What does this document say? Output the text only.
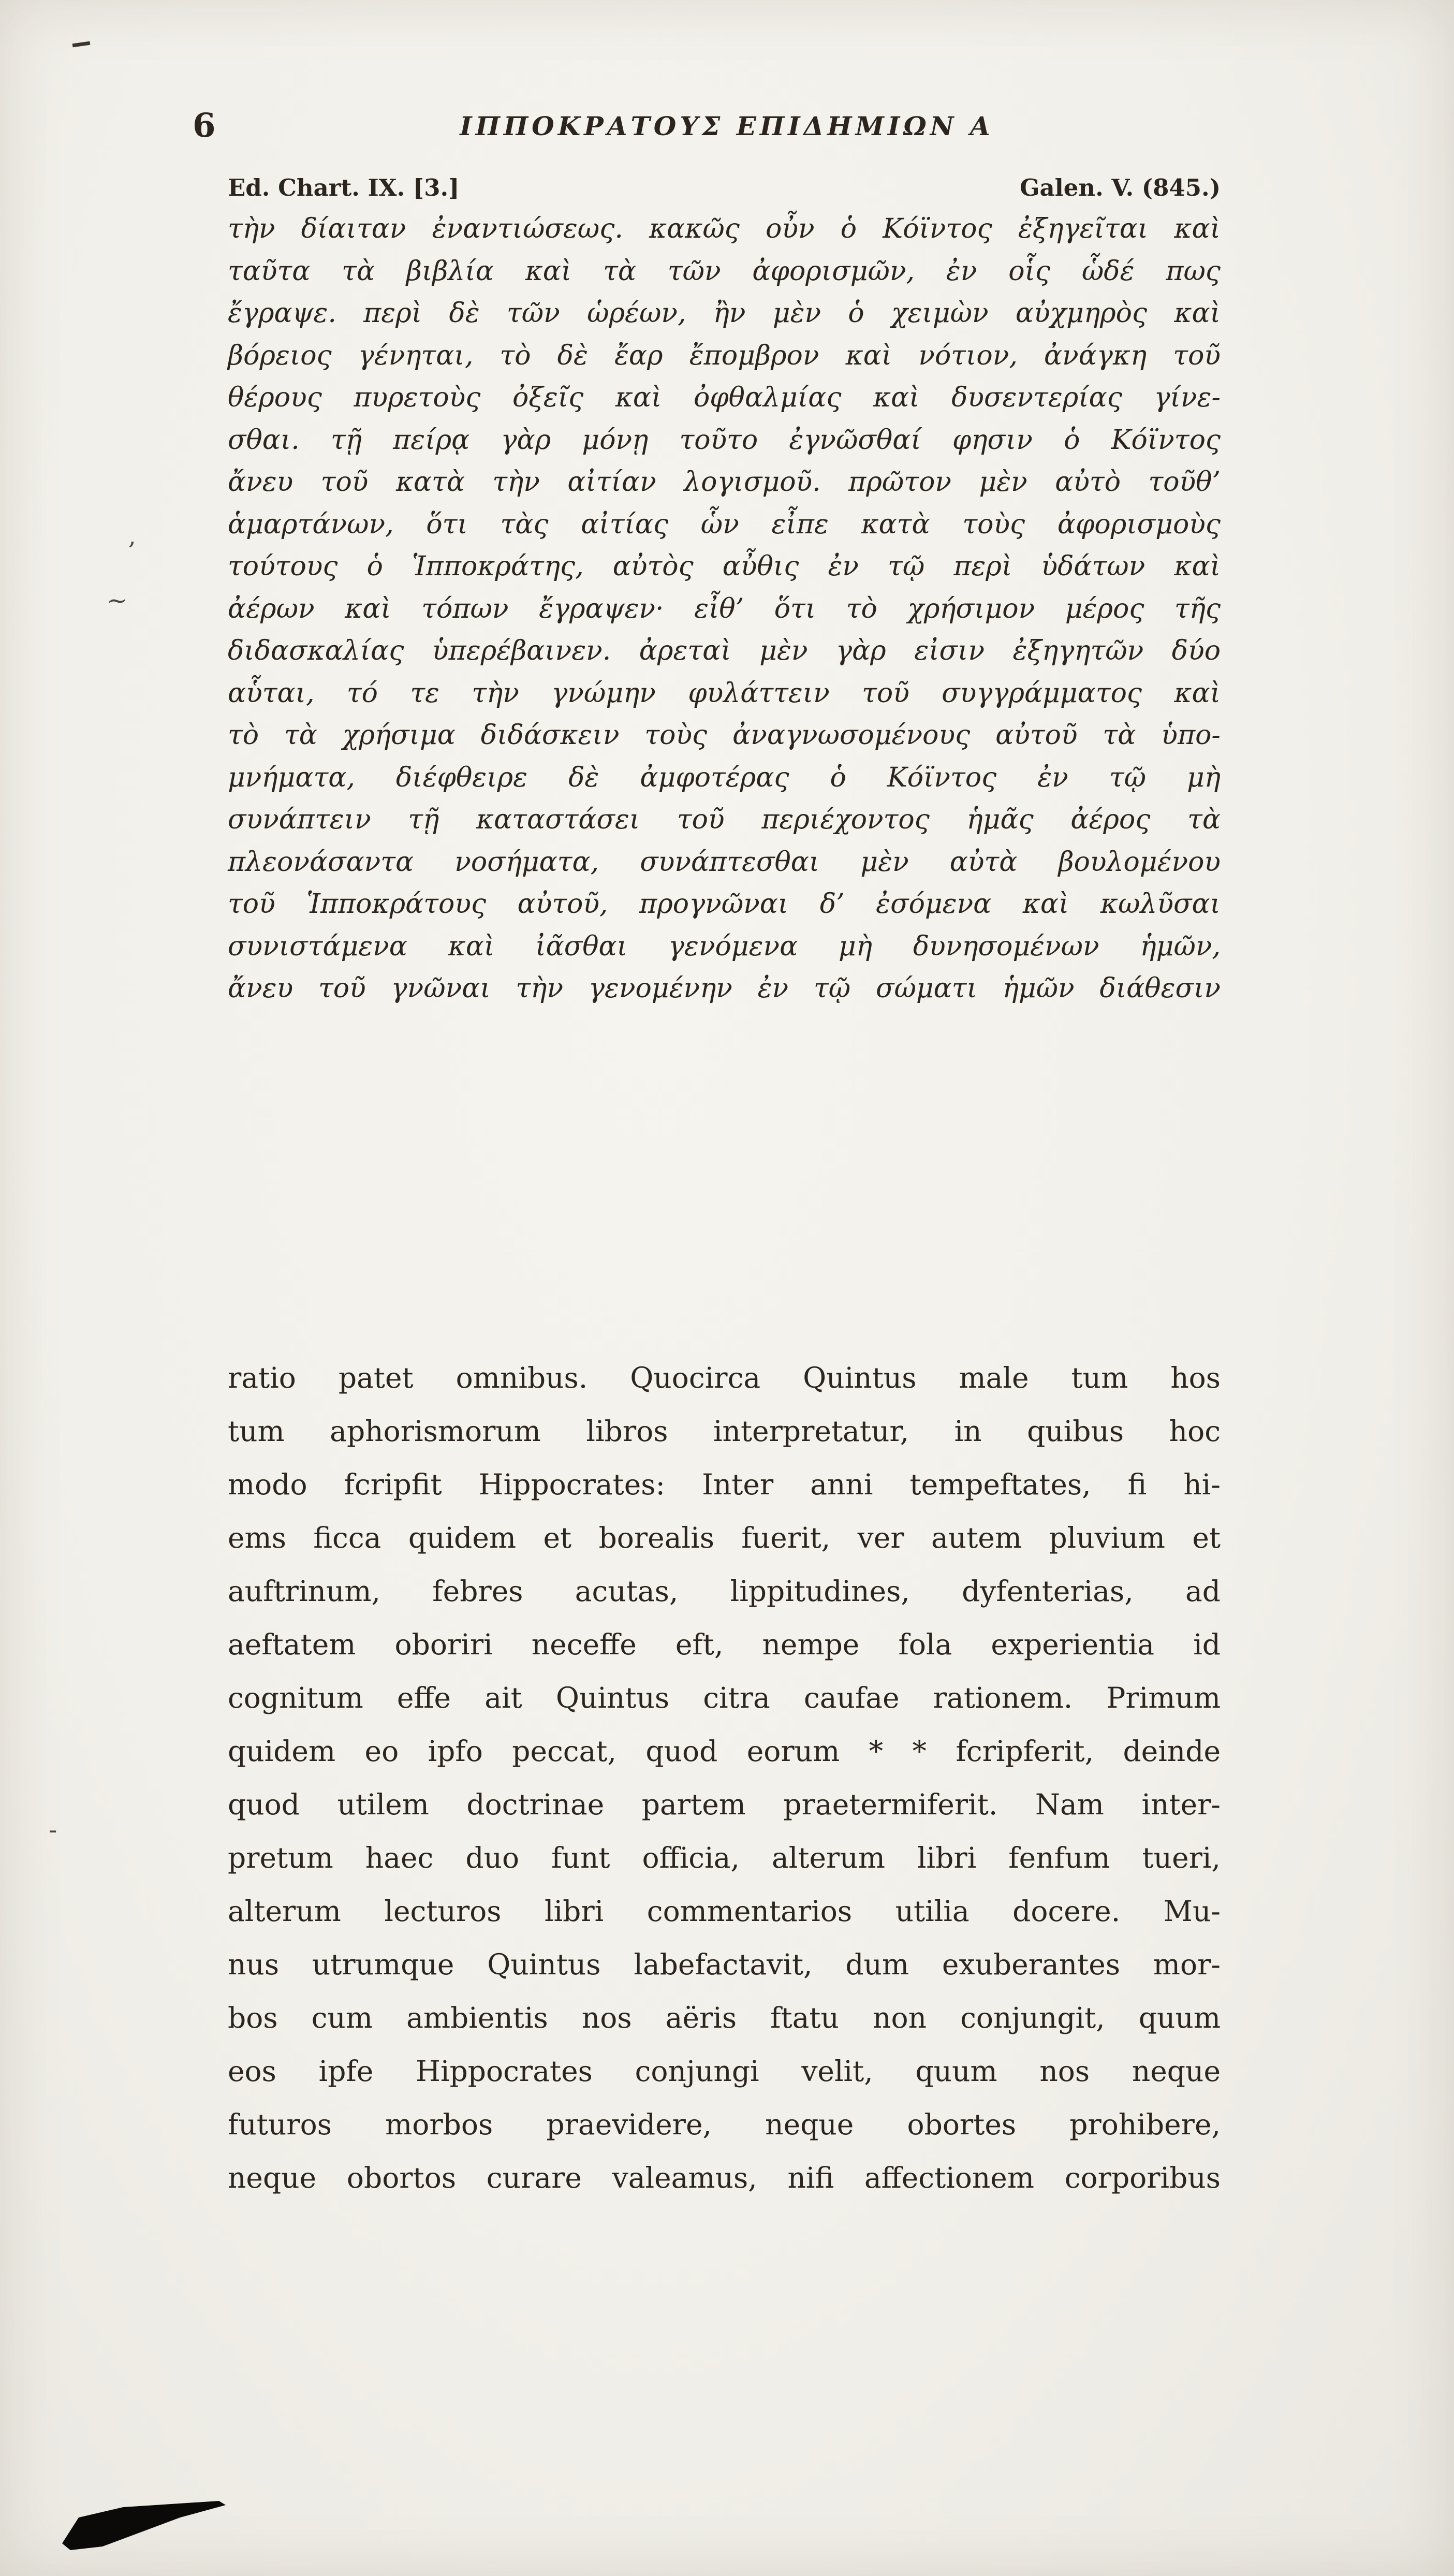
,
~
-
6	ΙΠΠΟΚΡΑΤΟΥΣ ΕΠΙΔΗΜΙΩΝ Α
Ed. Chart. IX. [3.]	Galen. V. (845.)
τὴν δίαιταν ἐναντιώσεως. κακῶς οὖν ὁ Κόϊντος ἐξηγεῖται καὶ
ταῦτα τὰ βιβλία καὶ τὰ τῶν ἀφορισμῶν, ἐν οἷς ὧδέ πως
ἔγραψε. περὶ δὲ τῶν ὡρέων, ἢν μὲν ὁ χειμὼν αὐχμηρὸς καὶ
βόρειος γένηται, τὸ δὲ ἔαρ ἔπομβρον καὶ νότιον, ἀνάγκη τοῦ
θέρους πυρετοὺς ὀξεῖς καὶ ὀφθαλμίας καὶ δυσεντερίας γίνε-
σθαι. τῇ πείρᾳ γὰρ μόνῃ τοῦτο ἐγνῶσθαί φησιν ὁ Κόϊντος
ἄνευ τοῦ κατὰ τὴν αἰτίαν λογισμοῦ. πρῶτον μὲν αὐτὸ τοῦθ’
ἁμαρτάνων, ὅτι τὰς αἰτίας ὧν εἶπε κατὰ τοὺς ἀφορισμοὺς
τούτους ὁ Ἱπποκράτης, αὐτὸς αὖθις ἐν τῷ περὶ ὑδάτων καὶ
ἀέρων καὶ τόπων ἔγραψεν· εἶθ’ ὅτι τὸ χρήσιμον μέρος τῆς
διδασκαλίας ὑπερέβαινεν. ἀρεταὶ μὲν γὰρ εἰσιν ἐξηγητῶν δύο
αὗται, τό τε τὴν γνώμην φυλάττειν τοῦ συγγράμματος καὶ
τὸ τὰ χρήσιμα διδάσκειν τοὺς ἀναγνωσομένους αὐτοῦ τὰ ὑπο-
μνήματα, διέφθειρε δὲ ἀμφοτέρας ὁ Κόϊντος ἐν τῷ μὴ
συνάπτειν τῇ καταστάσει τοῦ περιέχοντος ἡμᾶς ἀέρος τὰ
πλεονάσαντα νοσήματα, συνάπτεσθαι μὲν αὐτὰ βουλομένου
τοῦ Ἱπποκράτους αὐτοῦ, προγνῶναι δ’ ἐσόμενα καὶ κωλῦσαι
συνιστάμενα καὶ ἰᾶσθαι γενόμενα μὴ δυνησομένων ἡμῶν,
ἄνευ τοῦ γνῶναι τὴν γενομένην ἐν τῷ σώματι ἡμῶν διάθεσιν
ratio patet omnibus. Quocirca Quintus male tum hos
tum aphorismorum libros interpretatur, in quibus hoc
modo fcripfit Hippocrates: Inter anni tempeftates, fi hi-
ems ficca quidem et borealis fuerit, ver autem pluvium et
auftrinum, febres acutas, lippitudines, dyfenterias, ad
aeftatem oboriri neceffe eft, nempe fola experientia id
cognitum effe ait Quintus citra caufae rationem. Primum
quidem eo ipfo peccat, quod eorum * * fcripferit, deinde
quod utilem doctrinae partem praetermiferit. Nam inter-
pretum haec duo funt officia, alterum libri fenfum tueri,
alterum lecturos libri commentarios utilia docere. Mu-
nus utrumque Quintus labefactavit, dum exuberantes mor-
bos cum ambientis nos aëris ftatu non conjungit, quum
eos ipfe Hippocrates conjungi velit, quum nos neque
futuros morbos praevidere, neque obortes prohibere,
neque obortos curare valeamus, nifi affectionem corporibus
